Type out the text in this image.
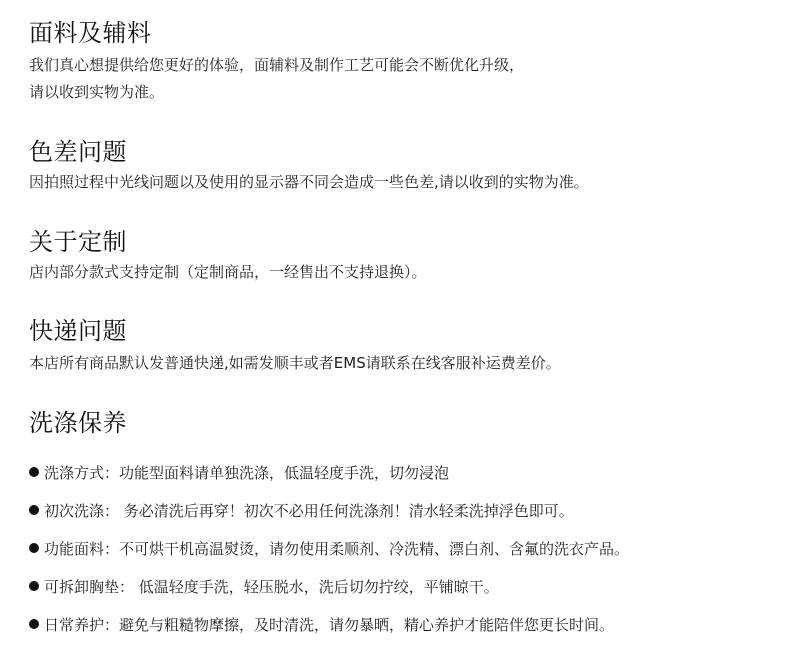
面料及辅料

我们真心想提供给您更好的体验，面辅料及制作工艺可能会不断优化升级，

请以收到实物为准。

色差问题

因拍照过程中光线问题以及使用的显示器不同会造成一些色差,请以收到的实物为准。

关于定制

店内部分款式支持定制（定制商品，一经售出不支持退换）。

快递问题

本店所有商品默认发普通快递,如需发顺丰或者EMS请联系在线客服补运费差价。

洗涤保养
洗涤方式：功能型面料请单独洗涤，低温轻度手洗，切勿浸泡
初次洗涤： 务必清洗后再穿！初次不必用任何洗涤剂！清水轻柔洗掉浮色即可。
功能面料：不可烘干机高温熨烫，请勿使用柔顺剂、冷洗精、漂白剂、含氟的洗衣产品。
可拆卸胸垫： 低温轻度手洗，轻压脱水，洗后切勿拧绞，平铺晾干。
日常养护：避免与粗糙物摩擦，及时清洗，请勿暴晒，精心养护才能陪伴您更长时间。
